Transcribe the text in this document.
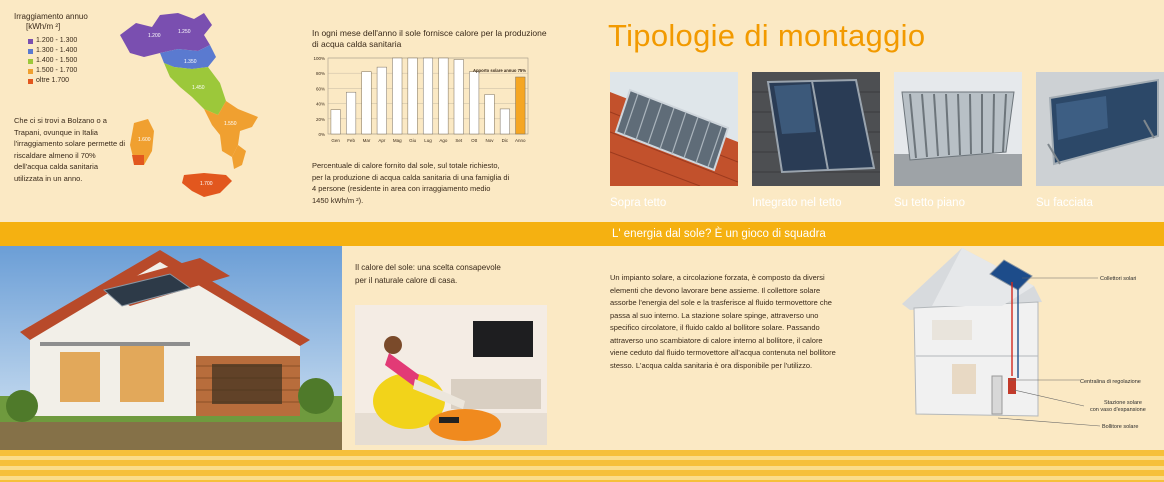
Irraggiamento annuo
[kWh/m ²]
1.200 - 1.300
1.300 - 1.400
1.400 - 1.500
1.500 - 1.700
oltre 1.700
Che ci si trovi a Bolzano o a Trapani, ovunque in Italia l'irraggiamento solare permette di riscaldare almeno il 70% dell'acqua calda sanitaria utilizzata in un anno.
1.200
1.250
1.350
1.450
1.550
1.700
1.600
In ogni mese dell'anno il sole fornisce calore per la produzione di acqua calda sanitaria
0%
20%
40%
60%
80%
100%
Gen Feb Mar Apr Mag Giu Lug Ago Set Ott Nov Dic Anno
Apporto solare annuo 75%
Percentuale di calore fornito dal sole, sul totale richiesto,
per la produzione di acqua calda sanitaria di una famiglia di
4 persone (residente in area con irraggiamento medio
1450 kWh/m ²).
Tipologie di montaggio
Sopra tetto	Integrato nel tetto	Su tetto piano	Su facciata
L' energia dal sole? È un gioco di squadra
Il calore del sole: una scelta consapevole
per il naturale calore di casa.	Un impianto solare, a circolazione forzata, è composto da diversi elementi che devono lavorare bene assieme. Il collettore solare assorbe l'energia del sole e la trasferisce al fluido termovettore che passa al suo interno. La stazione solare spinge, attraverso uno specifico circolatore, il fluido caldo al bollitore solare. Passando attraverso uno scambiatore di calore interno al bollitore, il calore viene ceduto dal fluido termovettore all'acqua contenuta nel bollitore stesso. L'acqua calda sanitaria è ora disponibile per l'utilizzo.
Collettori solari
Centralina di regolazione
Stazione solare
con vaso d'espansione
Bollitore solare
